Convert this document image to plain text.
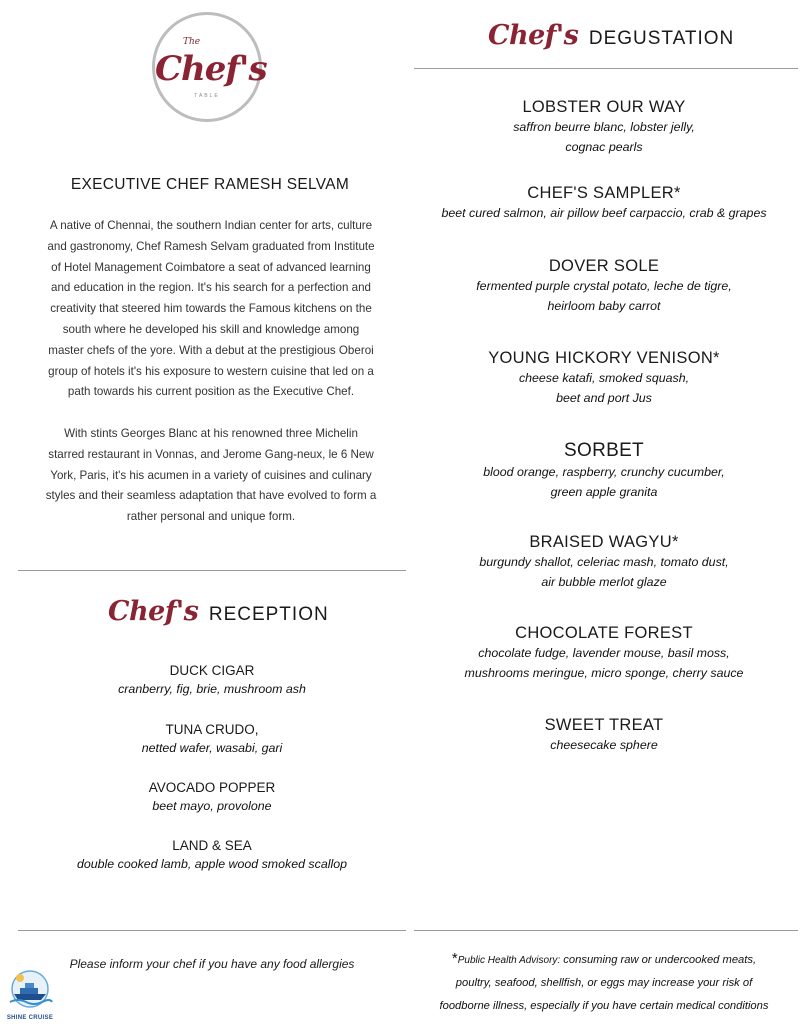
The
Chef's
TABLE
EXECUTIVE CHEF RAMESH SELVAM
A native of Chennai, the southern Indian center for arts, culture
and gastronomy, Chef Ramesh Selvam graduated from Institute
of Hotel Management Coimbatore a seat of advanced learning
and education in the region. It's his search for a perfection and
creativity that steered him towards the Famous kitchens on the
south where he developed his skill and knowledge among
master chefs of the yore. With a debut at the prestigious Oberoi
group of hotels it's his exposure to western cuisine that led on a
path towards his current position as the Executive Chef.
With stints Georges Blanc at his renowned three Michelin
starred restaurant in Vonnas, and Jerome Gang-neux, le 6 New
York, Paris, it's his acumen in a variety of cuisines and culinary
styles and their seamless adaptation that have evolved to form a
rather personal and unique form.
Chef's RECEPTION
DUCK CIGAR
cranberry, fig, brie, mushroom ash
TUNA CRUDO,
netted wafer, wasabi, gari
AVOCADO POPPER
beet mayo, provolone
LAND & SEA
double cooked lamb, apple wood smoked scallop
Please inform your chef if you have any food allergies
Chef's DEGUSTATION
LOBSTER OUR WAY
saffron beurre blanc, lobster jelly,
cognac pearls
CHEF'S SAMPLER*
beet cured salmon, air pillow beef carpaccio, crab & grapes
DOVER SOLE
fermented purple crystal potato, leche de tigre,
heirloom baby carrot
YOUNG HICKORY VENISON*
cheese katafi, smoked squash,
beet and port Jus
SORBET
blood orange, raspberry, crunchy cucumber,
green apple granita
BRAISED WAGYU*
burgundy shallot, celeriac mash, tomato dust,
air bubble merlot glaze
CHOCOLATE FOREST
chocolate fudge, lavender mouse, basil moss,
mushrooms meringue, micro sponge, cherry sauce
SWEET TREAT
cheesecake sphere
*Public Health Advisory: consuming raw or undercooked meats,
poultry, seafood, shellfish, or eggs may increase your risk of
foodborne illness, especially if you have certain medical conditions
SHINE CRUISE
